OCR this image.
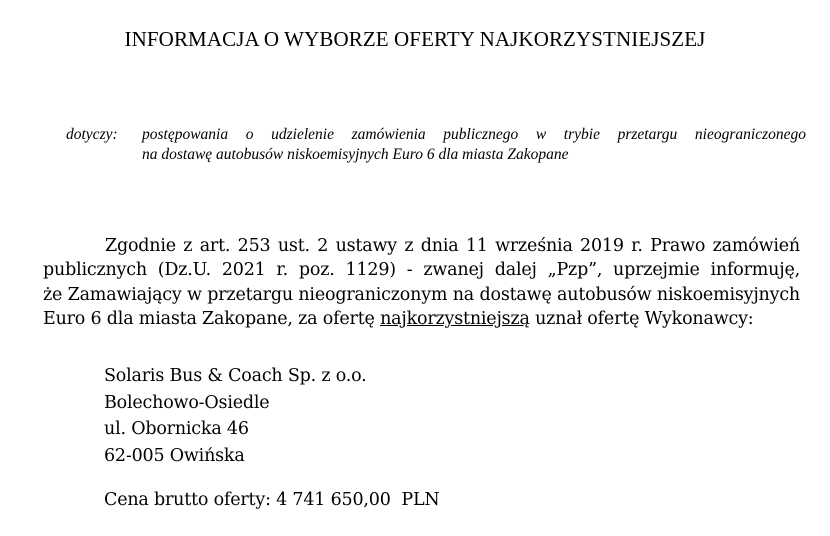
INFORMACJA O WYBORZE OFERTY NAJKORZYSTNIEJSZEJ
dotyczy:	postępowania o udzielenie zamówienia publicznego w trybie przetargu nieograniczonego
na dostawę autobusów niskoemisyjnych Euro 6 dla miasta Zakopane
Zgodnie z art. 253 ust. 2 ustawy z dnia 11 września 2019 r. Prawo zamówień
publicznych (Dz.U. 2021 r. poz. 1129) - zwanej dalej „Pzp”, uprzejmie informuję,
że Zamawiający w przetargu nieograniczonym na dostawę autobusów niskoemisyjnych
Euro 6 dla miasta Zakopane, za ofertę najkorzystniejszą uznał ofertę Wykonawcy:
Solaris Bus & Coach Sp. z o.o.
Bolechowo-Osiedle
ul. Obornicka 46
62-005 Owińska
Cena brutto oferty: 4 741 650,00  PLN
